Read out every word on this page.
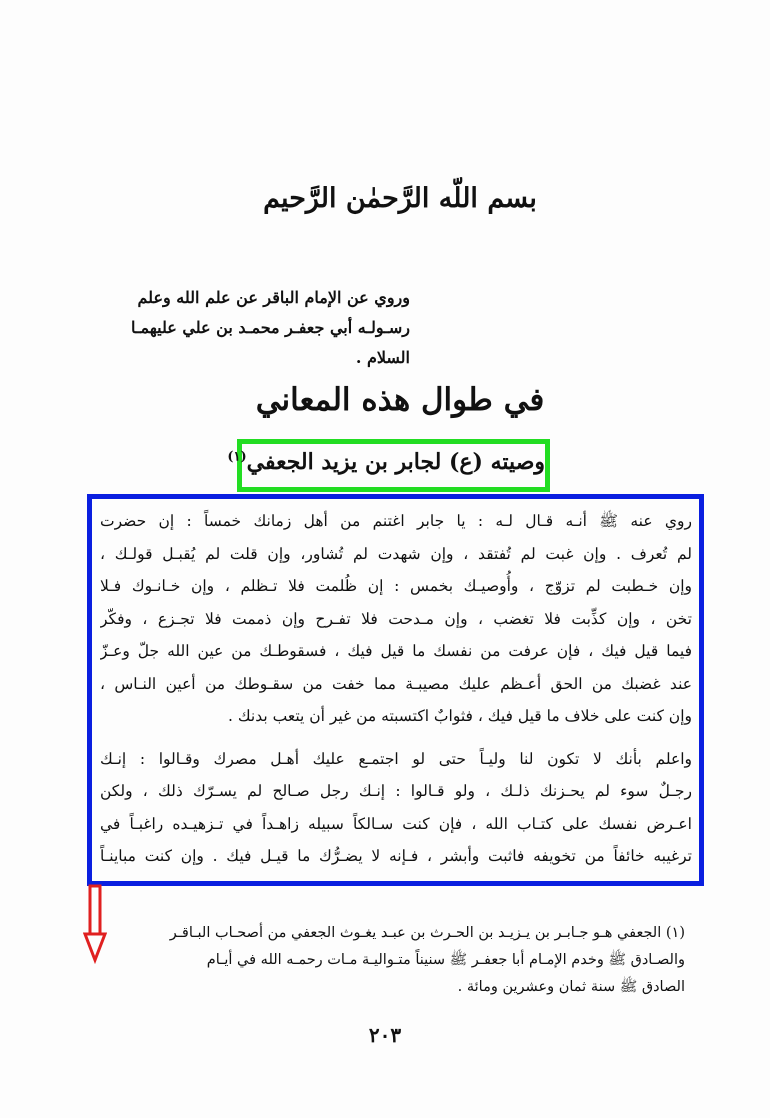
بسم اللّه الرَّحمٰن الرَّحيم
وروي عن الإمام الباقر عن علم الله وعلم
رسـولـه أبي جعفـر محمـد بن علي عليهمـا
السلام .
في طوال هذه المعاني
وصيته (ع) لجابر بن يزيد الجعفي$^{(١)}$
روي عنه ﷺ أنـه قـال لـه : يا جابر اغتنم من أهل زمانك خمساً : إن حضرت
لم تُعرف . وإن غبت لم تُفتقد ، وإن شهدت لم تُشاور، وإن قلت لم يُقبـل قولـك ،
وإن خـطبت لم تزوّج ، وأُوصيـك بخمس : إن ظُلمت فلا تـظلم ، وإن خـانـوك فـلا
تخن ، وإن كذِّبت فلا تغضب ، وإن مـدحت فلا تفـرح وإن ذممت فلا تجـزع ، وفكّر
فيما قيل فيك ، فإن عرفت من نفسك ما قيل فيك ، فسقوطـك من عين الله جلّ وعـزّ
عند غضبك من الحق أعـظم عليك مصيبـة مما خفت من سقـوطك من أعين النـاس ،
وإن كنت على خلاف ما قيل فيك ، فثوابٌ اكتسبته من غير أن يتعب بدنك .
واعلم بأنك لا تكون لنا وليـاً حتى لو اجتمـع عليك أهـل مصرك وقـالوا : إنـك
رجـلٌ سوء لم يحـزنك ذلـك ، ولو قـالوا : إنـك رجل صـالح لم يسـرّك ذلك ، ولكن
اعـرض نفسك على كتـاب الله ، فإن كنت سـالكاً سبيله زاهـداً في تـزهيـده راغبـاً في
ترغيبه خائفاً من تخويفه فاثبت وأبشر ، فـإنه لا يضـرُّك ما قيـل فيك . وإن كنت مباينـاً
(١) الجعفي هـو جـابـر بن يـزيـد بن الحـرث بن عبـد يغـوث الجعفي من أصحـاب البـاقـر
والصـادق ﷺ وخدم الإمـام أبا جعفـر ﷺ سنيناً متـواليـة مـات رحمـه الله في أيـام
الصادق ﷺ سنة ثمان وعشرين ومائة .
٢٠٣
